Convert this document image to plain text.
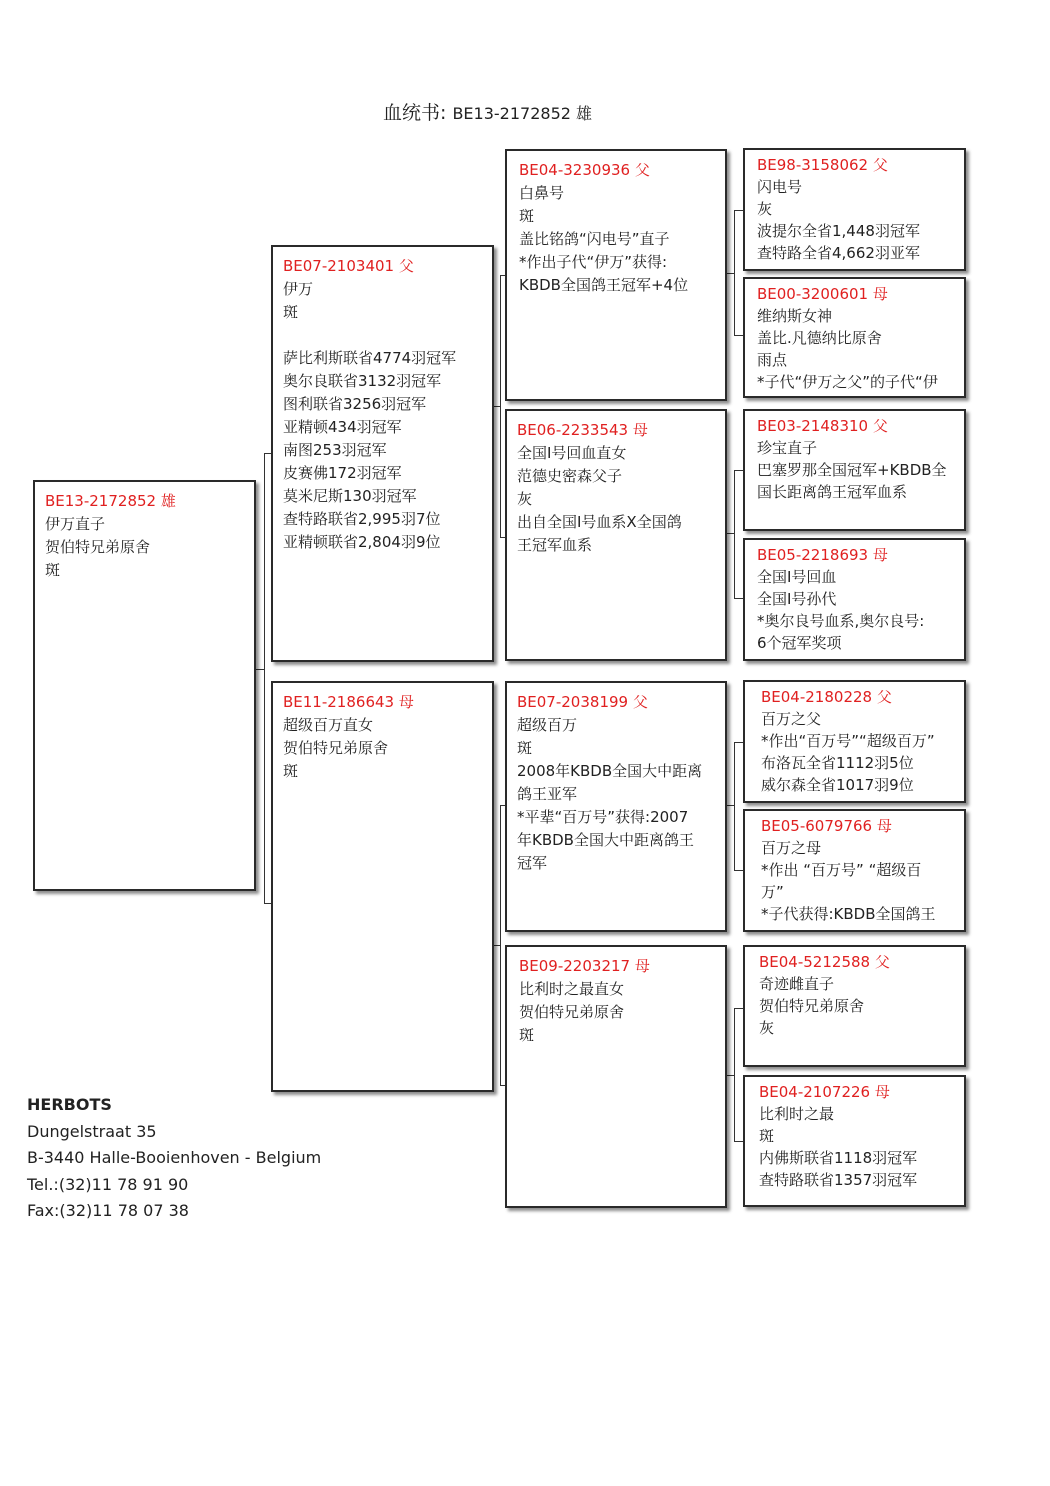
血统书: BE13-2172852 雄
BE13-2172852 雄
伊万直子
贺伯特兄弟原舍
斑
BE07-2103401 父
伊万
斑
萨比利斯联省4774羽冠军
奥尔良联省3132羽冠军
图利联省3256羽冠军
亚精顿434羽冠军
南图253羽冠军
皮赛佛172羽冠军
莫米尼斯130羽冠军
查特路联省2,995羽7位
亚精顿联省2,804羽9位
BE11-2186643 母
超级百万直女
贺伯特兄弟原舍
斑
BE04-3230936 父
白鼻号
斑
盖比铭鸽“闪电号”直子
*作出子代“伊万”获得:
KBDB全国鸽王冠军+4位
BE06-2233543 母
全国I号回血直女
范德史密森父子
灰
出自全国I号血系X全国鸽
王冠军血系
BE07-2038199 父
超级百万
斑
2008年KBDB全国大中距离
鸽王亚军
*平辈“百万号”获得:2007
年KBDB全国大中距离鸽王
冠军
BE09-2203217 母
比利时之最直女
贺伯特兄弟原舍
斑
BE98-3158062 父
闪电号
灰
波提尔全省1,448羽冠军
查特路全省4,662羽亚军
BE00-3200601 母
维纳斯女神
盖比.凡德纳比原舍
雨点
*子代“伊万之父”的子代“伊
BE03-2148310 父
珍宝直子
巴塞罗那全国冠军+KBDB全
国长距离鸽王冠军血系
BE05-2218693 母
全国I号回血
全国I号孙代
*奥尔良号血系,奥尔良号:
6个冠军奖项
BE04-2180228 父
百万之父
*作出“百万号”“超级百万”
布洛瓦全省1112羽5位
威尔森全省1017羽9位
BE05-6079766 母
百万之母
*作出 “百万号” “超级百
万”
*子代获得:KBDB全国鸽王
BE04-5212588 父
奇迹雌直子
贺伯特兄弟原舍
灰
BE04-2107226 母
比利时之最
斑
内佛斯联省1118羽冠军
查特路联省1357羽冠军
HERBOTS
Dungelstraat 35
B-3440 Halle-Booienhoven - Belgium
Tel.:(32)11 78 91 90
Fax:(32)11 78 07 38
